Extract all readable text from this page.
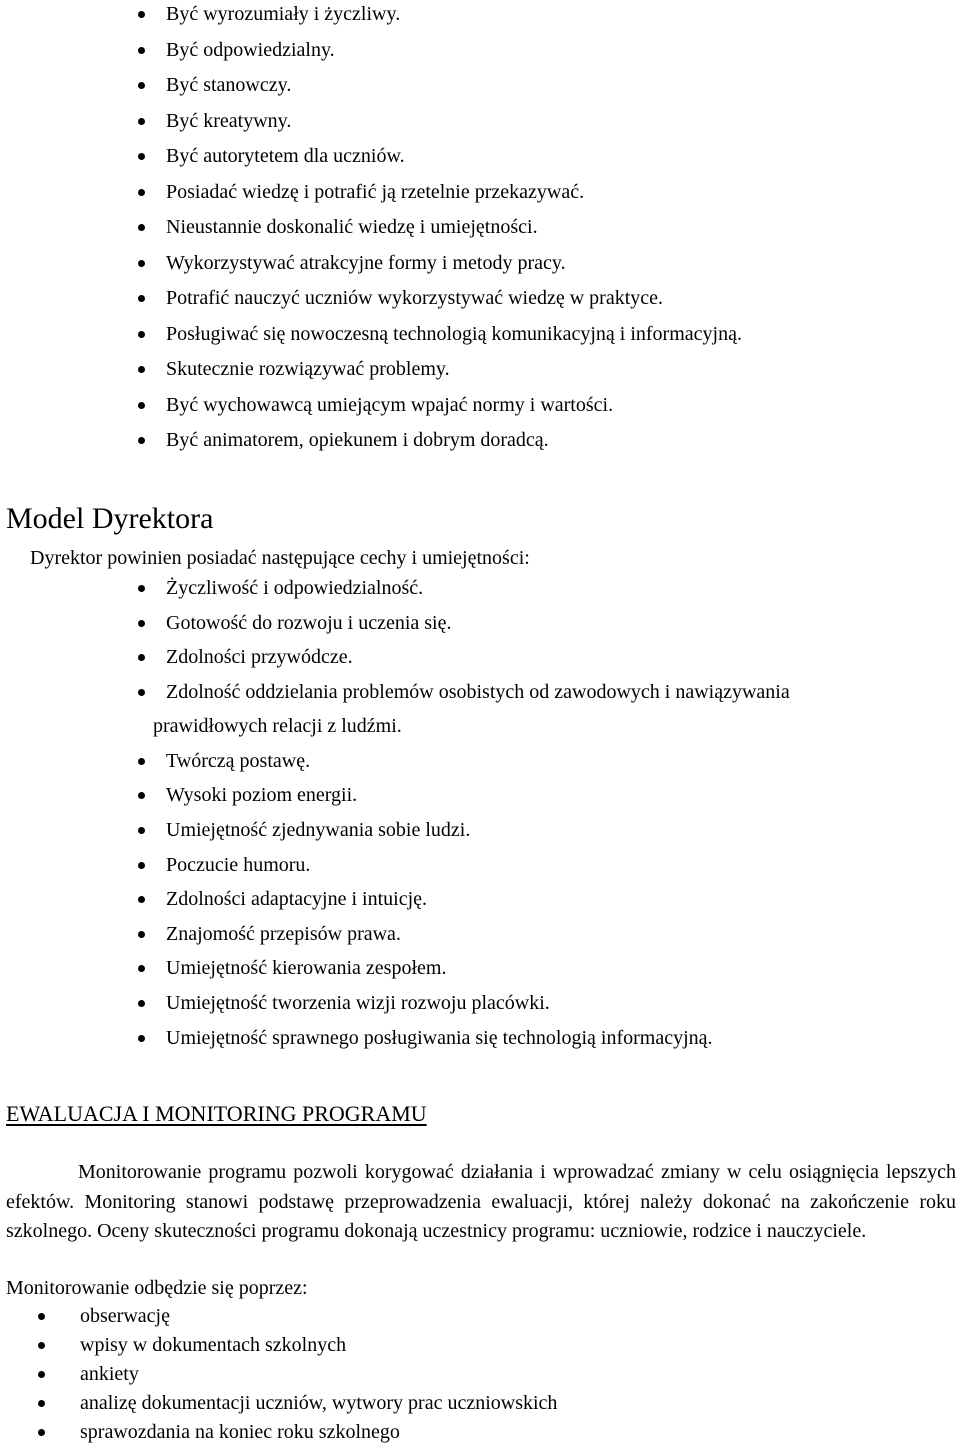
Być wyrozumiały i życzliwy.
Być odpowiedzialny.
Być stanowczy.
Być kreatywny.
Być autorytetem dla uczniów.
Posiadać wiedzę i potrafić ją rzetelnie przekazywać.
Nieustannie doskonalić wiedzę i umiejętności.
Wykorzystywać atrakcyjne formy i metody pracy.
Potrafić nauczyć uczniów wykorzystywać wiedzę w praktyce.
Posługiwać się nowoczesną technologią komunikacyjną i informacyjną.
Skutecznie rozwiązywać problemy.
Być wychowawcą umiejącym wpajać normy i wartości.
Być animatorem, opiekunem i dobrym doradcą.
Model Dyrektora
Dyrektor powinien posiadać następujące cechy i umiejętności:
Życzliwość i odpowiedzialność.
Gotowość do rozwoju i uczenia się.
Zdolności przywódcze.
Zdolność oddzielania problemów osobistych od zawodowych i nawiązywania
prawidłowych relacji z ludźmi.
Twórczą postawę.
Wysoki poziom energii.
Umiejętność zjednywania sobie ludzi.
Poczucie humoru.
Zdolności adaptacyjne i intuicję.
Znajomość przepisów prawa.
Umiejętność kierowania zespołem.
Umiejętność tworzenia wizji rozwoju placówki.
Umiejętność sprawnego posługiwania się technologią informacyjną.
EWALUACJA I MONITORING PROGRAMU

Monitorowanie programu pozwoli korygować działania i wprowadzać zmiany w celu osiągnięcia lepszych efektów. Monitoring stanowi podstawę przeprowadzenia ewaluacji, której należy dokonać na zakończenie roku szkolnego. Oceny skuteczności programu dokonają uczestnicy programu: uczniowie, rodzice i nauczyciele.

Monitorowanie odbędzie się poprzez:
obserwację
wpisy w dokumentach szkolnych
ankiety
analizę dokumentacji uczniów, wytwory prac uczniowskich
sprawozdania na koniec roku szkolnego
